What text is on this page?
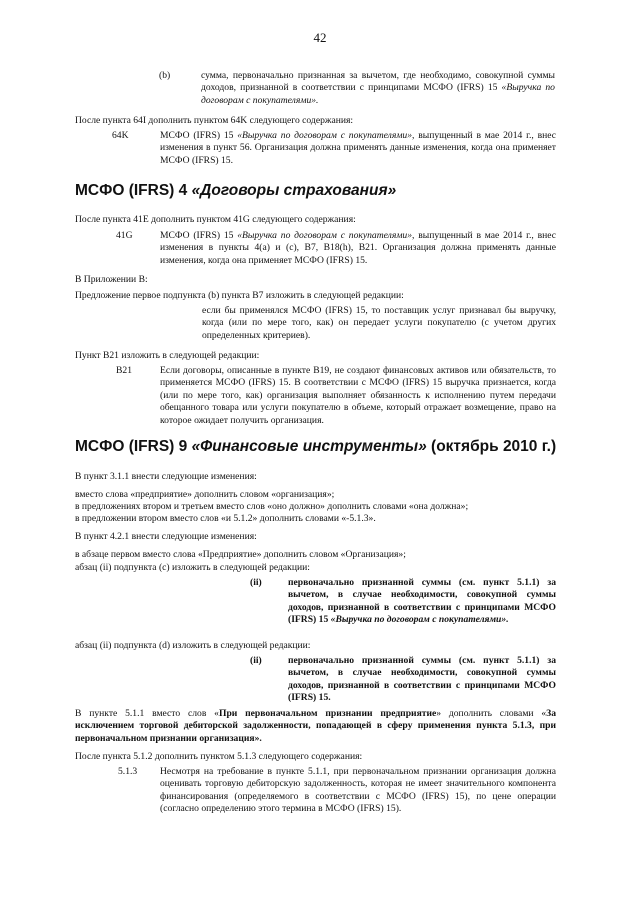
42
(b)	сумма, первоначально признанная за вычетом, где необходимо, совокупной суммы доходов, признанной в соответствии с принципами МСФО (IFRS) 15 «Выручка по договорам с покупателями».
После пункта 64I дополнить пунктом 64K следующего содержания:
64K	МСФО (IFRS) 15 «Выручка по договорам с покупателями», выпущенный в мае 2014 г., внес изменения в пункт 56. Организация должна применять данные изменения, когда она применяет МСФО (IFRS) 15.
МСФО (IFRS) 4 «Договоры страхования»
После пункта 41E дополнить пунктом 41G следующего содержания:
41G	МСФО (IFRS) 15 «Выручка по договорам с покупателями», выпущенный в мае 2014 г., внес изменения в пункты 4(a) и (c), B7, B18(h), B21. Организация должна применять данные изменения, когда она применяет МСФО (IFRS) 15.
В Приложении В:
Предложение первое подпункта (b) пункта B7 изложить в следующей редакции:
если бы применялся МСФО (IFRS) 15, то поставщик услуг признавал бы выручку, когда (или по мере того, как) он передает услуги покупателю (с учетом других определенных критериев).
Пункт B21 изложить в следующей редакции:
B21	Если договоры, описанные в пункте B19, не создают финансовых активов или обязательств, то применяется МСФО (IFRS) 15. В соответствии с МСФО (IFRS) 15 выручка признается, когда (или по мере того, как) организация выполняет обязанность к исполнению путем передачи обещанного товара или услуги покупателю в объеме, который отражает возмещение, право на которое ожидает получить организация.
МСФО (IFRS) 9 «Финансовые инструменты» (октябрь 2010 г.)
В пункт 3.1.1 внести следующие изменения:
вместо слова «предприятие» дополнить словом «организация»;
в предложениях втором и третьем вместо слов «оно должно» дополнить словами «она должна»;
в предложении втором вместо слов «и 5.1.2» дополнить словами «-5.1.3».
В пункт 4.2.1 внести следующие изменения:
в абзаце первом вместо слова «Предприятие» дополнить словом «Организация»;
абзац (ii) подпункта (c) изложить в следующей редакции:
(ii)	первоначально признанной суммы (см. пункт 5.1.1) за вычетом, в случае необходимости, совокупной суммы доходов, признанной в соответствии с принципами МСФО (IFRS) 15 «Выручка по договорам с покупателями».
абзац (ii) подпункта (d) изложить в следующей редакции:
(ii)	первоначально признанной суммы (см. пункт 5.1.1) за вычетом, в случае необходимости, совокупной суммы доходов, признанной в соответствии с принципами МСФО (IFRS) 15.
В пункте 5.1.1 вместо слов «При первоначальном признании предприятие» дополнить словами «За исключением торговой дебиторской задолженности, попадающей в сферу применения пункта 5.1.3, при первоначальном признании организация».
После пункта 5.1.2 дополнить пунктом 5.1.3 следующего содержания:
5.1.3 Несмотря на требование в пункте 5.1.1, при первоначальном признании организация должна оценивать торговую дебиторскую задолженность, которая не имеет значительного компонента финансирования (определяемого в соответствии с МСФО (IFRS) 15), по цене операции (согласно определению этого термина в МСФО (IFRS) 15).
